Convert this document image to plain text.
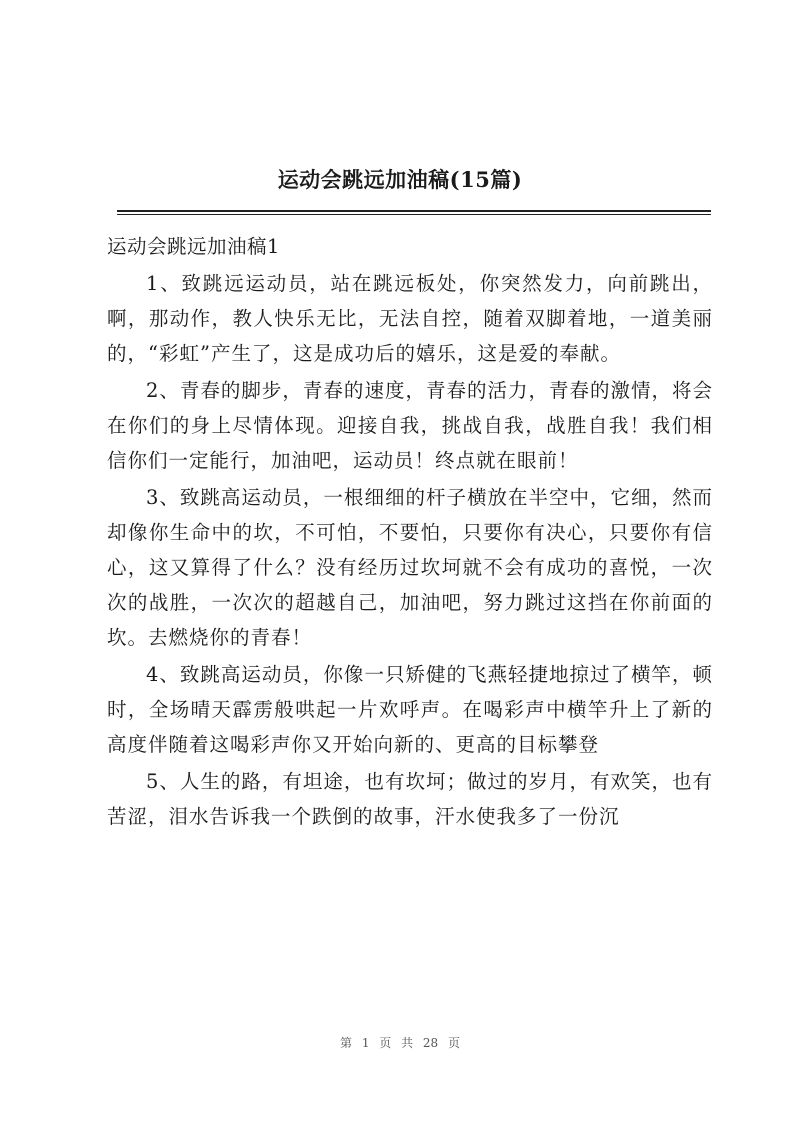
运动会跳远加油稿(15篇)

运动会跳远加油稿1

1、致跳远运动员，站在跳远板处，你突然发力，向前跳出，啊，那动作，教人快乐无比，无法自控，随着双脚着地，一道美丽的，“彩虹”产生了，这是成功后的嬉乐，这是爱的奉献。

2、青春的脚步，青春的速度，青春的活力，青春的激情，将会在你们的身上尽情体现。迎接自我，挑战自我，战胜自我！我们相信你们一定能行，加油吧，运动员！终点就在眼前！

3、致跳高运动员，一根细细的杆子横放在半空中，它细，然而却像你生命中的坎，不可怕，不要怕，只要你有决心，只要你有信心，这又算得了什么？没有经历过坎坷就不会有成功的喜悦，一次次的战胜，一次次的超越自己，加油吧，努力跳过这挡在你前面的坎。去燃烧你的青春！

4、致跳高运动员，你像一只矫健的飞燕轻捷地掠过了横竿，顿时，全场晴天霹雳般哄起一片欢呼声。在喝彩声中横竿升上了新的高度伴随着这喝彩声你又开始向新的、更高的目标攀登

5、人生的路，有坦途，也有坎坷；做过的岁月，有欢笑，也有苦涩，泪水告诉我一个跌倒的故事，汗水使我多了一份沉

第 1 页 共 28 页
